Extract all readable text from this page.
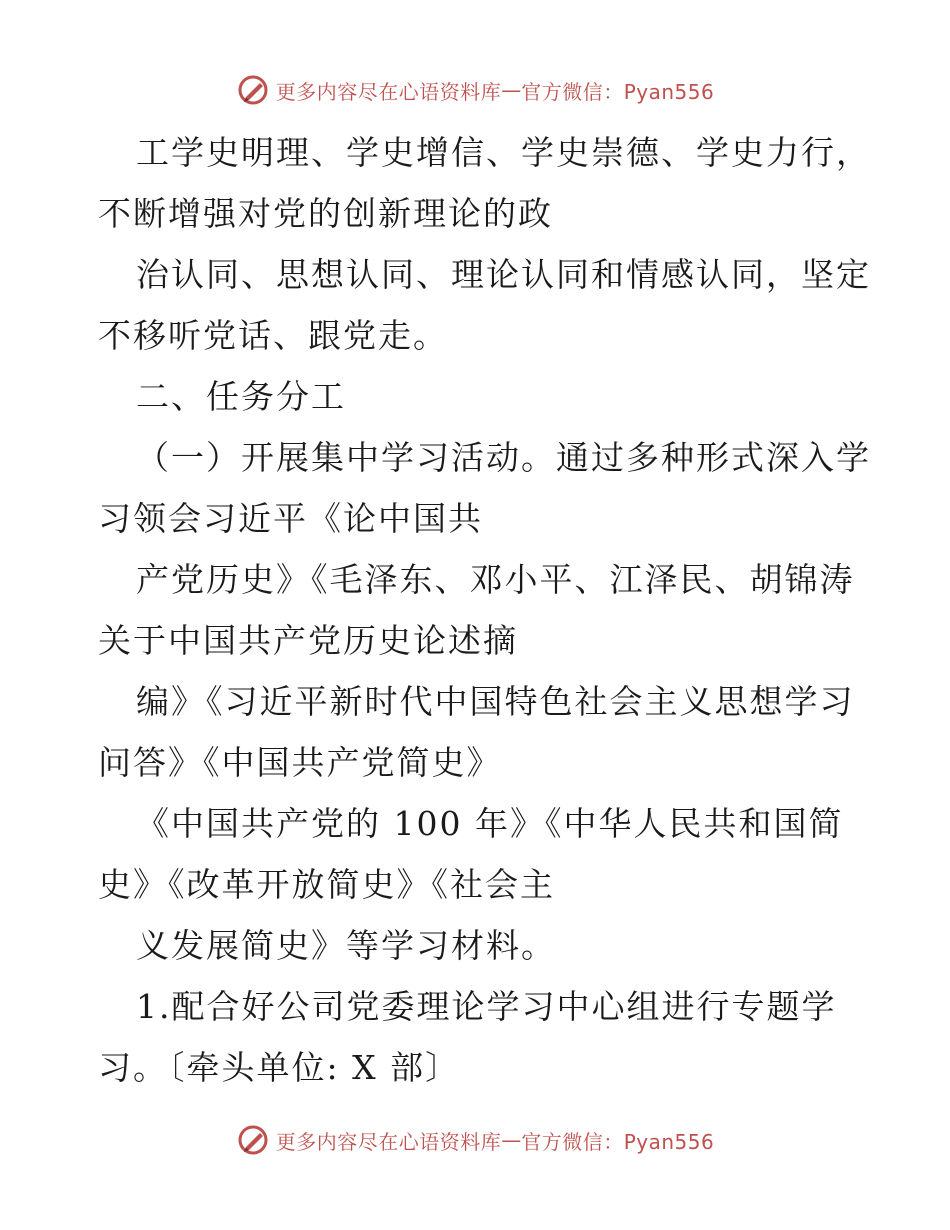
更多内容尽在心语资料库 — 官方微信：Pyan556
工学史明理、学史增信、学史崇德、学史力行，
不断增强对党的创新理论的政
治认同、思想认同、理论认同和情感认同，坚定
不移听党话、跟党走。
二、任务分工
（一）开展集中学习活动。通过多种形式深入学
习领会习近平《论中国共
产党历史》《毛泽东、邓小平、江泽民、胡锦涛
关于中国共产党历史论述摘
编》《习近平新时代中国特色社会主义思想学习
问答》《中国共产党简史》
《中国共产党的 100 年》《中华人民共和国简
史》《改革开放简史》《社会主
义发展简史》等学习材料。
1.配合好公司党委理论学习中心组进行专题学
习。〔牵头单位: X 部〕
更多内容尽在心语资料库 — 官方微信：Pyan556
